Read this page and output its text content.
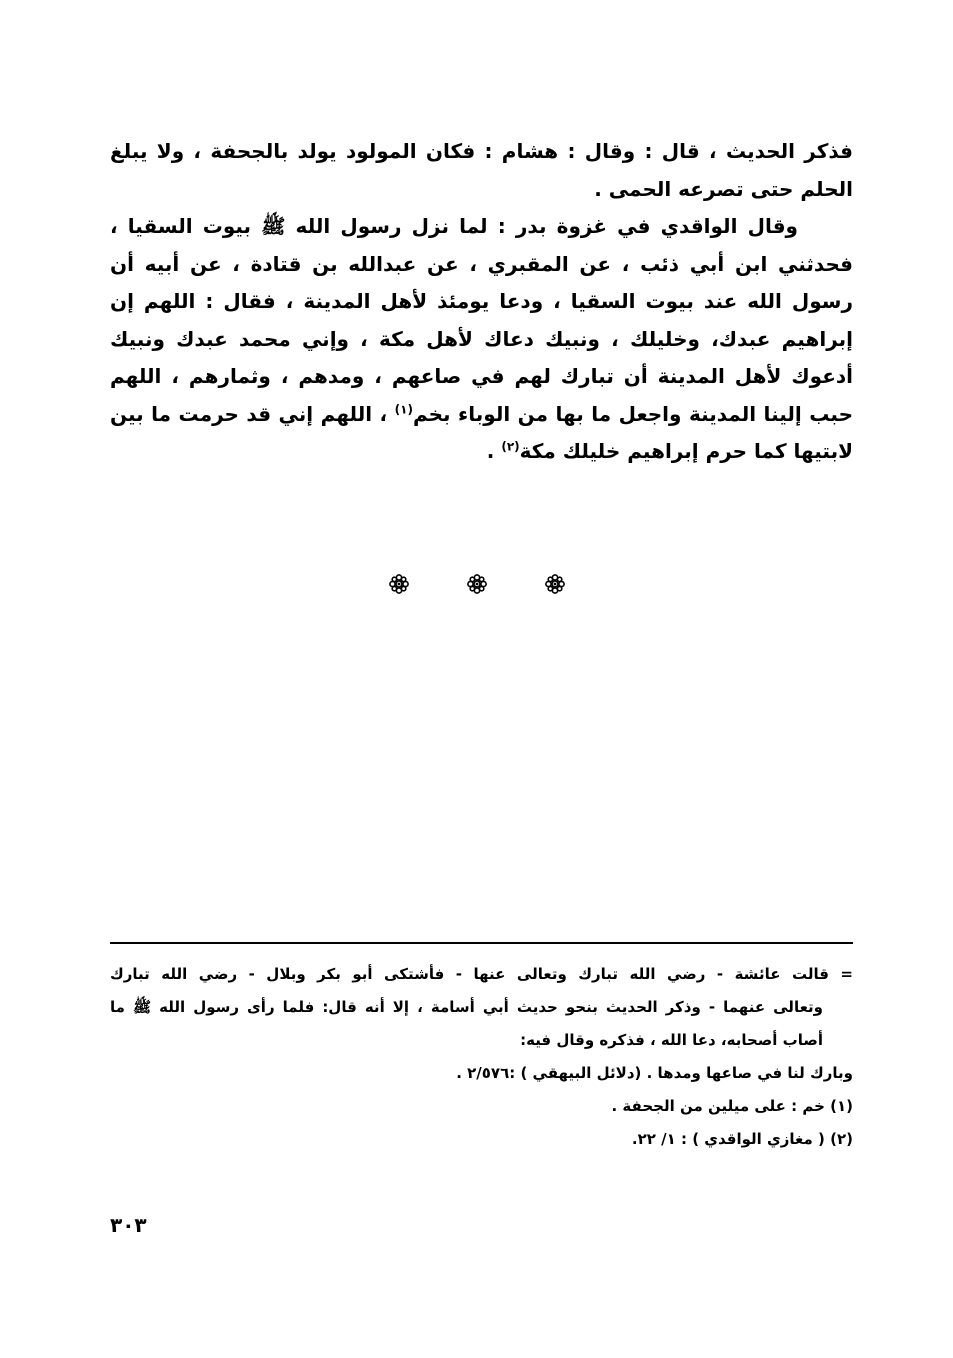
فذكر الحديث ، قال : وقال : هشام : فكان المولود يولد بالجحفة ، ولا يبلغ الحلم حتى تصرعه الحمى .

وقال الواقدي في غزوة بدر : لما نزل رسول الله ﷺ بيوت السقيا ، فحدثني ابن أبي ذئب ، عن المقبري ، عن عبدالله بن قتادة ، عن أبيه أن رسول الله عند بيوت السقيا ، ودعا يومئذ لأهل المدينة ، فقال : اللهم إن إبراهيم عبدك، وخليلك ، ونبيك دعاك لأهل مكة ، وإني محمد عبدك ونبيك أدعوك لأهل المدينة أن تبارك لهم في صاعهم ، ومدهم ، وثمارهم ، اللهم حبب إلينا المدينة واجعل ما بها من الوباء بخم$^{(١)}$ ، اللهم إني قد حرمت ما بين لابتيها كما حرم إبراهيم خليلك مكة$^{(٢)}$ .

= قالت عائشة - رضي الله تبارك وتعالى عنها - فأشتكى أبو بكر وبلال - رضي الله تبارك

وتعالى عنهما - وذكر الحديث بنحو حديث أبي أسامة ، إلا أنه قال: فلما رأى رسول الله ﷺ ما

أصاب أصحابه، دعا الله ، فذكره وقال فيه:

وبارك لنا في صاعها ومدها . (دلائل البيهقي ) :٢/٥٧٦ .

(١) خم : على ميلين من الجحفة .

(٢) ( مغازي الواقدي ) : ١/ ٢٢.

٣٠٣
